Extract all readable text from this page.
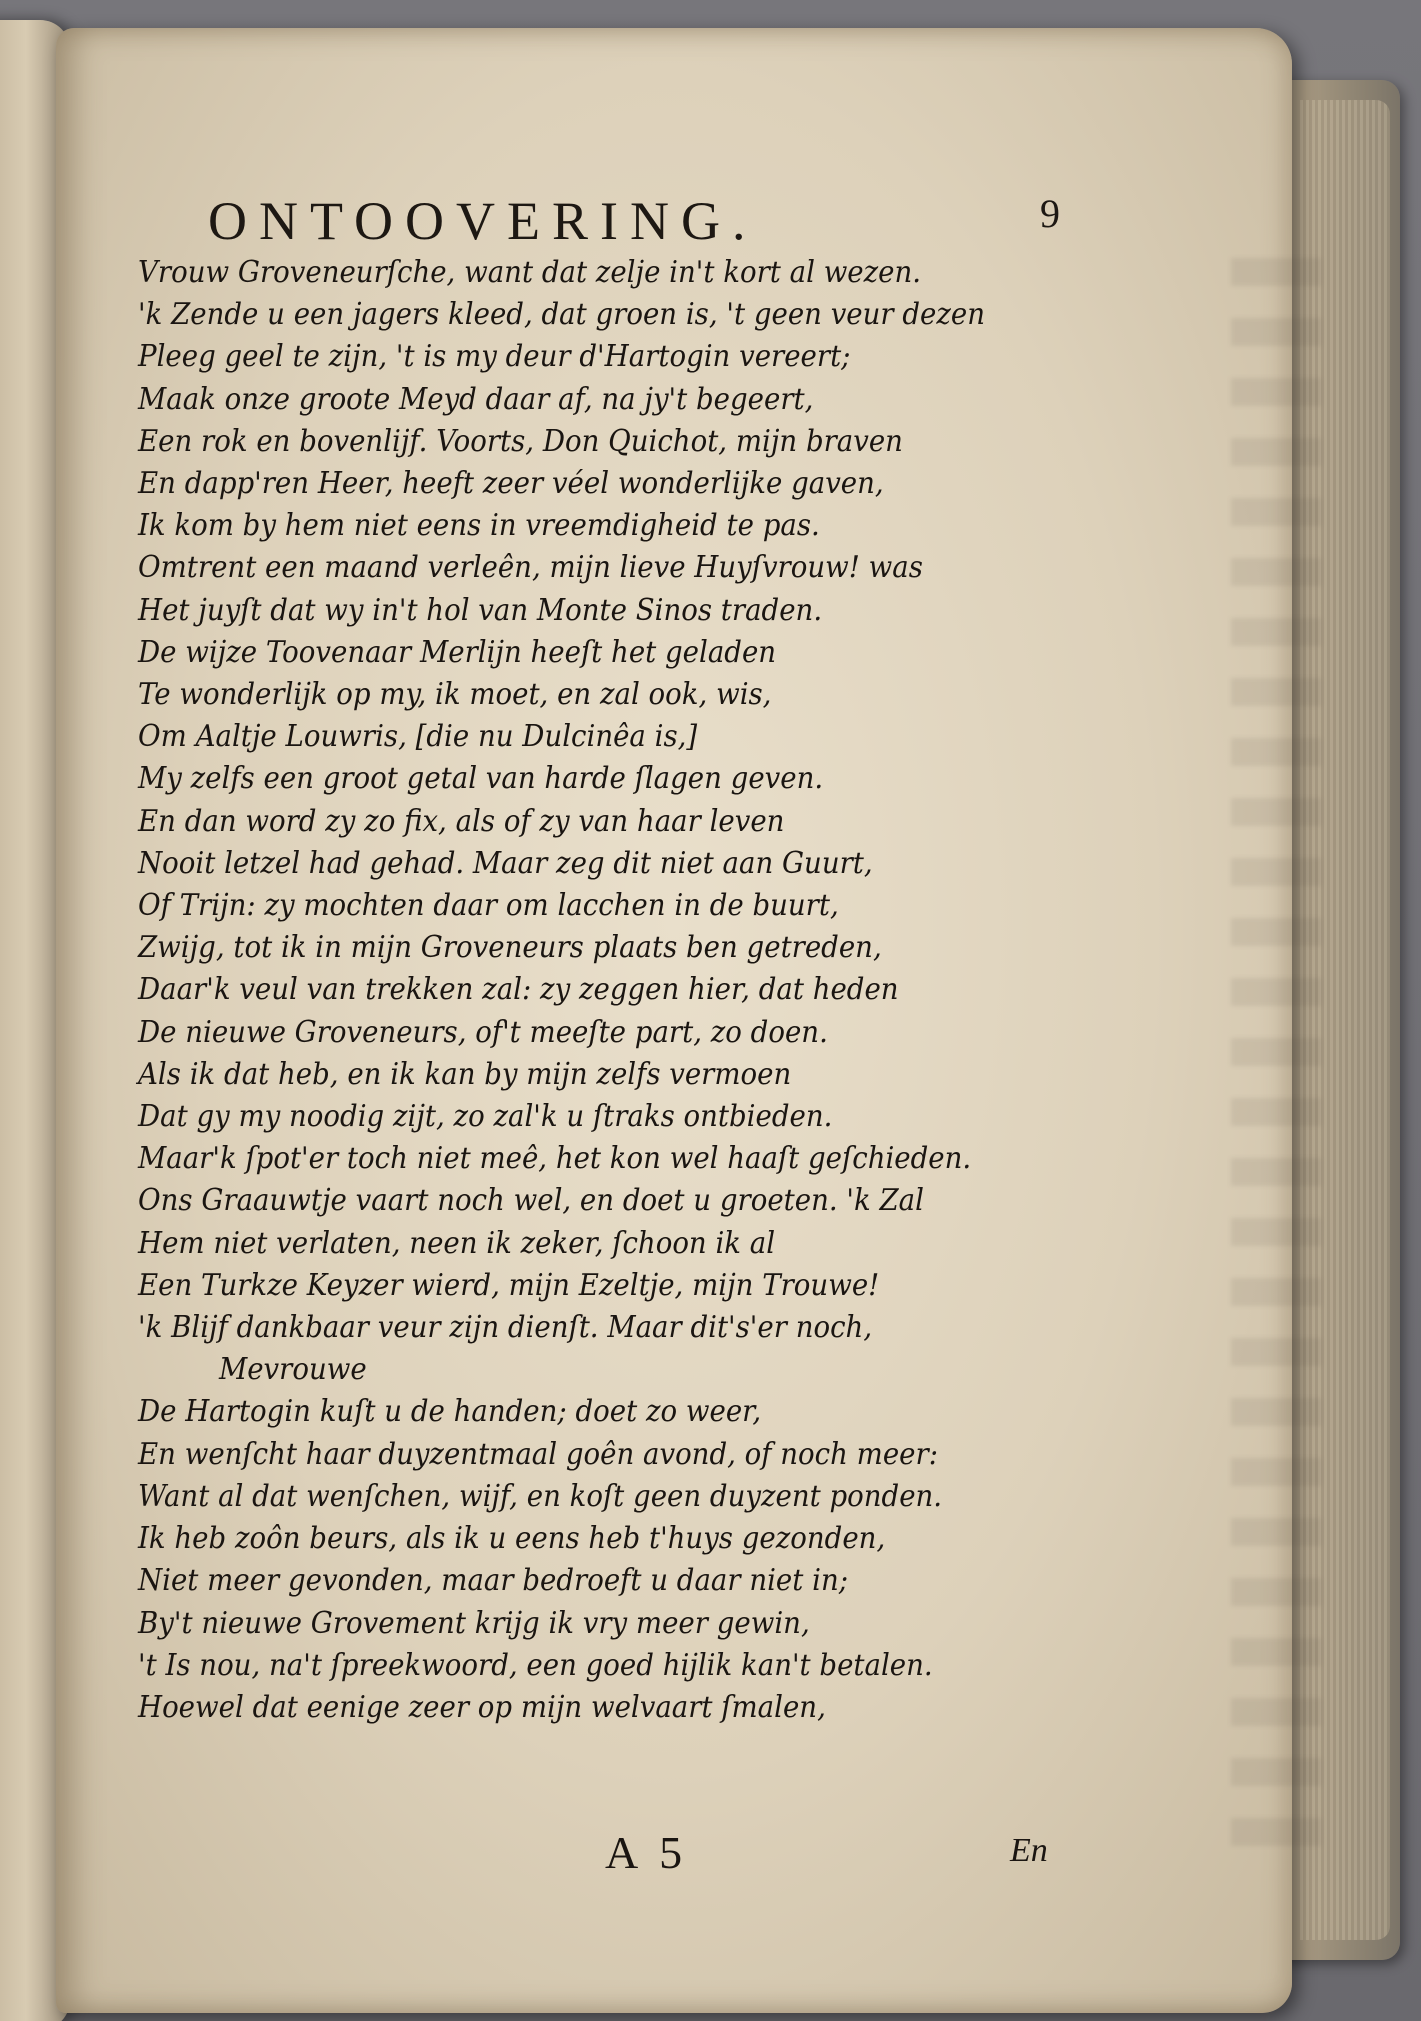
ONTOOVERING.	9
Vrouw Groveneurſche, want dat zelje in't kort al wezen.
'k Zende u een jagers kleed, dat groen is, 't geen veur dezen
Pleeg geel te zijn, 't is my deur d'Hartogin vereert;
Maak onze groote Meyd daar af, na jy't begeert,
Een rok en bovenlijf. Voorts, Don Quichot, mijn braven
En dapp'ren Heer, heeft zeer véel wonderlijke gaven,
Ik kom by hem niet eens in vreemdigheid te pas.
Omtrent een maand verleên, mijn lieve Huyſvrouw! was
Het juyſt dat wy in't hol van Monte Sinos traden.
De wijze Toovenaar Merlijn heeſt het geladen
Te wonderlijk op my, ik moet, en zal ook, wis,
Om Aaltje Louwris, [die nu Dulcinêa is,]
My zelfs een groot getal van harde ſlagen geven.
En dan word zy zo fix, als of zy van haar leven
Nooit letzel had gehad. Maar zeg dit niet aan Guurt,
Of Trijn: zy mochten daar om lacchen in de buurt,
Zwijg, tot ik in mijn Groveneurs plaats ben getreden,
Daar'k veul van trekken zal: zy zeggen hier, dat heden
De nieuwe Groveneurs, of't meeſte part, zo doen.
Als ik dat heb, en ik kan by mijn zelfs vermoen
Dat gy my noodig zijt, zo zal'k u ſtraks ontbieden.
Maar'k ſpot'er toch niet meê, het kon wel haaſt geſchieden.
Ons Graauwtje vaart noch wel, en doet u groeten. 'k Zal
Hem niet verlaten, neen ik zeker, ſchoon ik al
Een Turkze Keyzer wierd, mijn Ezeltje, mijn Trouwe!
'k Blijf dankbaar veur zijn dienſt. Maar dit's'er noch,
Mevrouwe
De Hartogin kuſt u de handen; doet zo weer,
En wenſcht haar duyzentmaal goên avond, of noch meer:
Want al dat wenſchen, wijf, en koſt geen duyzent ponden.
Ik heb zoôn beurs, als ik u eens heb t'huys gezonden,
Niet meer gevonden, maar bedroeft u daar niet in;
By't nieuwe Grovement krijg ik vry meer gewin,
't Is nou, na't ſpreekwoord, een goed hijlik kan't betalen.
Hoewel dat eenige zeer op mijn welvaart ſmalen,
A 5	En
